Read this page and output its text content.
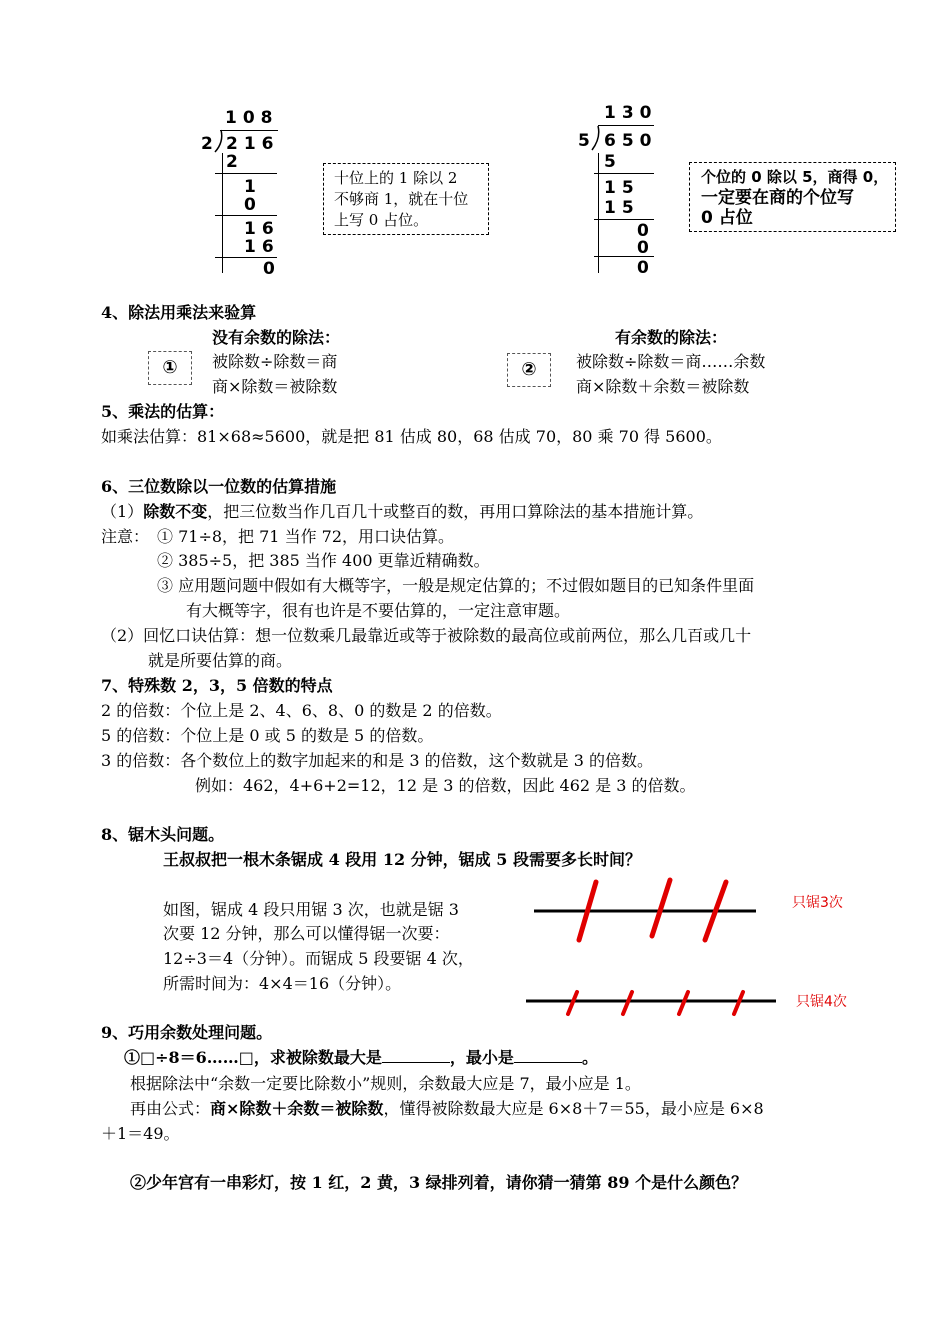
108
2 216
2
1
0
16
16
0
十位上的 1 除以 2
不够商 1，就在十位
上写 0 占位。
130
5 650
5
15
15
0
0
0
个位的 0 除以 5，商得 0，
一定要在商的个位写
0 占位
4、除法用乘法来验算
没有余数的除法：
①	被除数÷除数＝商
商×除数＝被除数
有余数的除法：
②	被除数÷除数＝商……余数
商×除数＋余数＝被除数
5、乘法的估算：
如乘法估算：81×68≈5600，就是把 81 估成 80，68 估成 70，80 乘 70 得 5600。
6、三位数除以一位数的估算措施
（1）除数不变，把三位数当作几百几十或整百的数，再用口算除法的基本措施计算。
注意： ① 71÷8，把 71 当作 72，用口诀估算。
② 385÷5，把 385 当作 400 更靠近精确数。
③ 应用题问题中假如有大概等字，一般是规定估算的；不过假如题目的已知条件里面
有大概等字，很有也许是不要估算的，一定注意审题。
（2）回忆口诀估算：想一位数乘几最靠近或等于被除数的最高位或前两位，那么几百或几十
就是所要估算的商。
7、特殊数 2，3，5 倍数的特点
2 的倍数：个位上是 2、4、6、8、0 的数是 2 的倍数。
5 的倍数：个位上是 0 或 5 的数是 5 的倍数。
3 的倍数：各个数位上的数字加起来的和是 3 的倍数，这个数就是 3 的倍数。
例如：462，4+6+2=12，12 是 3 的倍数，因此 462 是 3 的倍数。
8、锯木头问题。
王叔叔把一根木条锯成 4 段用 12 分钟，锯成 5 段需要多长时间？
如图，锯成 4 段只用锯 3 次，也就是锯 3
次要 12 分钟，那么可以懂得锯一次要：
12÷3＝4（分钟）。而锯成 5 段要锯 4 次，
所需时间为：4×4＝16（分钟）。
只锯3次
只锯4次
9、巧用余数处理问题。
①□÷8＝6……□，求被除数最大是	，最小是	。
根据除法中“余数一定要比除数小”规则，余数最大应是 7，最小应是 1。
再由公式：商×除数＋余数＝被除数，懂得被除数最大应是 6×8＋7＝55，最小应是 6×8
＋1＝49。
②少年宫有一串彩灯，按 1 红，2 黄，3 绿排列着，请你猜一猜第 89 个是什么颜色？
